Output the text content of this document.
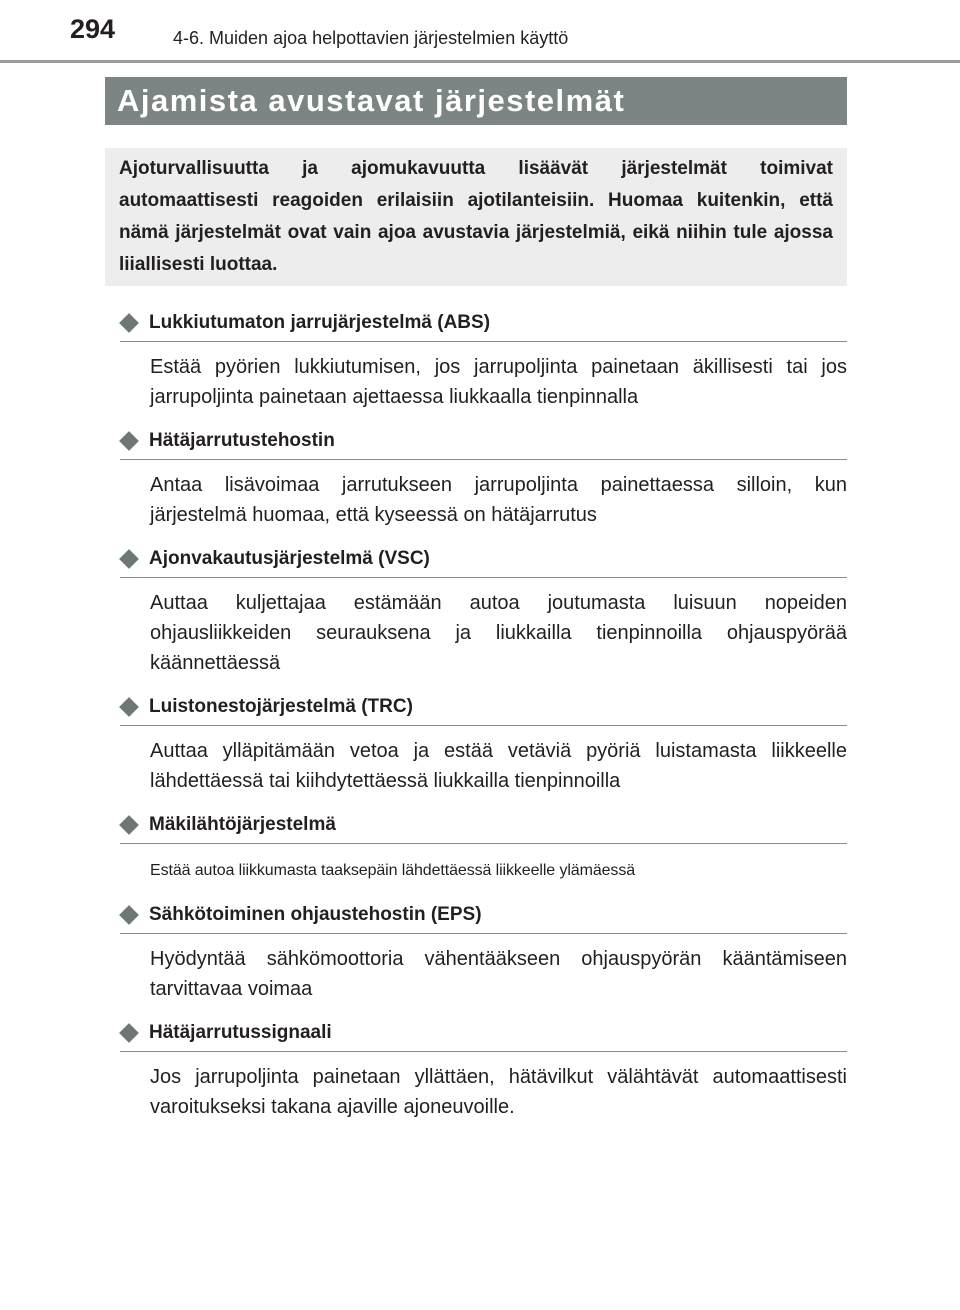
294	4-6. Muiden ajoa helpottavien järjestelmien käyttö
Ajamista avustavat järjestelmät
Ajoturvallisuutta ja ajomukavuutta lisäävät järjestelmät toimivat automaattisesti reagoiden erilaisiin ajotilanteisiin. Huomaa kuitenkin, että nämä järjestelmät ovat vain ajoa avustavia järjestelmiä, eikä niihin tule ajossa liiallisesti luottaa.
Lukkiutumaton jarrujärjestelmä (ABS)
Estää pyörien lukkiutumisen, jos jarrupoljinta painetaan äkillisesti tai jos jarrupoljinta painetaan ajettaessa liukkaalla tienpinnalla
Hätäjarrutustehostin
Antaa lisävoimaa jarrutukseen jarrupoljinta painettaessa silloin, kun järjestelmä huomaa, että kyseessä on hätäjarrutus
Ajonvakautusjärjestelmä (VSC)
Auttaa kuljettajaa estämään autoa joutumasta luisuun nopeiden ohjausliikkeiden seurauksena ja liukkailla tienpinnoilla ohjauspyörää käännettäessä
Luistonestojärjestelmä (TRC)
Auttaa ylläpitämään vetoa ja estää vetäviä pyöriä luistamasta liikkeelle lähdettäessä tai kiihdytettäessä liukkailla tienpinnoilla
Mäkilähtöjärjestelmä
Estää autoa liikkumasta taaksepäin lähdettäessä liikkeelle ylämäessä
Sähkötoiminen ohjaustehostin (EPS)
Hyödyntää sähkömoottoria vähentääkseen ohjauspyörän kääntämiseen tarvittavaa voimaa
Hätäjarrutussignaali
Jos jarrupoljinta painetaan yllättäen, hätävilkut välähtävät automaattisesti varoitukseksi takana ajaville ajoneuvoille.
